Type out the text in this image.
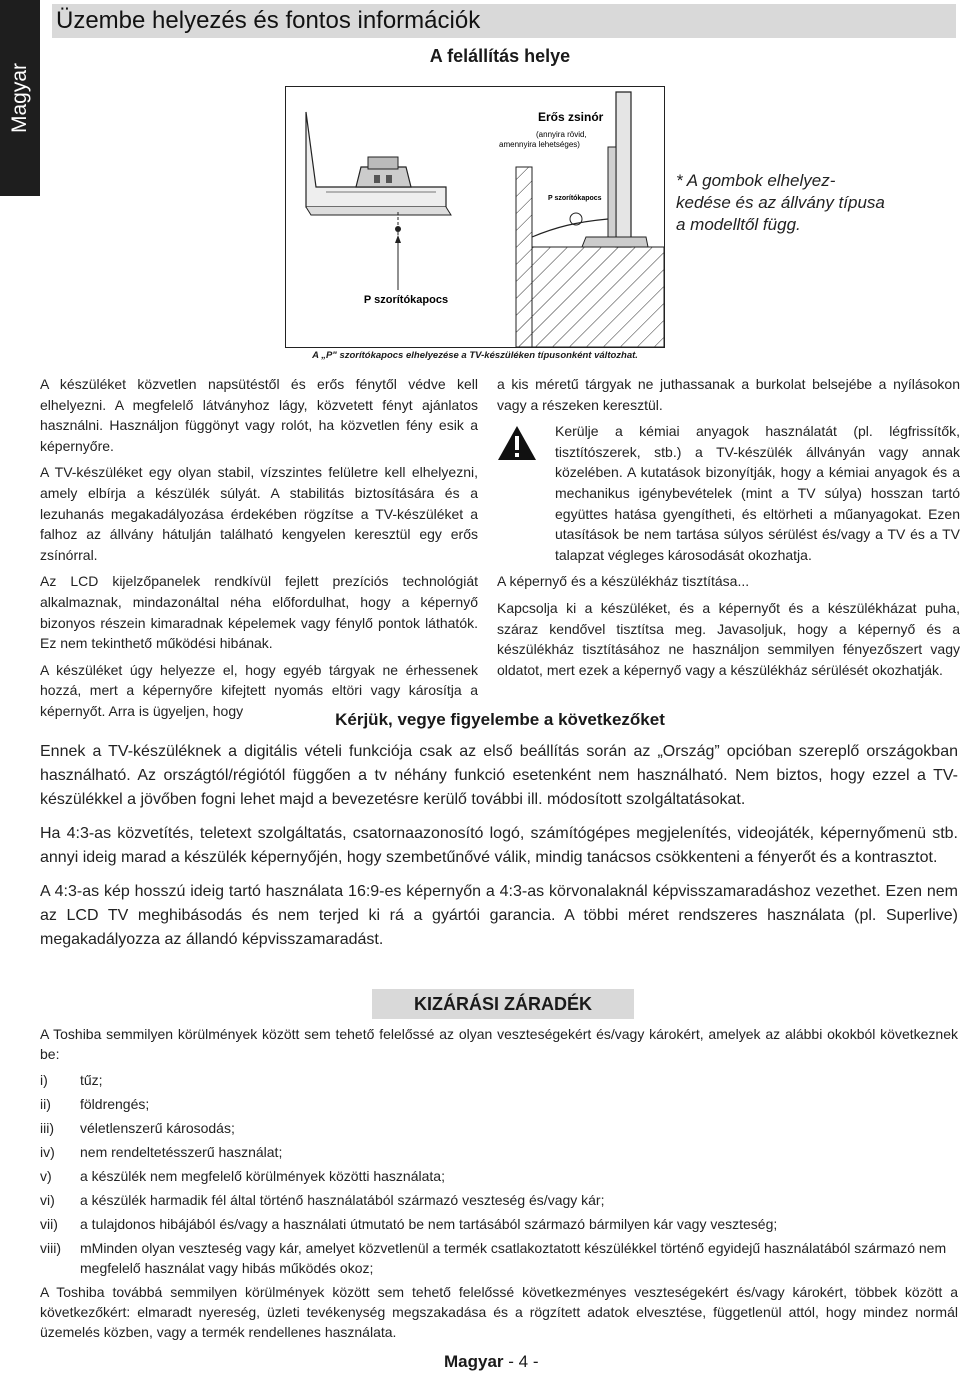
Magyar
Üzembe helyezés és fontos információk
A felállítás helye
P szorítókapocs
Erős zsinór
(annyira rövid,
amennyira lehetséges)
P szorítókapocs
A „P" szorítókapocs elhelyezése a TV-készüléken típusonként változhat.
* A gombok elhelyez-kedése és az állvány típusa a modelltől függ.

A készüléket közvetlen napsütéstől és erős fénytől védve kell elhelyezni. A megfelelő látványhoz lágy, közvetett fényt ajánlatos használni. Használjon függönyt vagy rolót, ha közvetlen fény esik a képernyőre.

A TV-készüléket egy olyan stabil, vízszintes felületre kell elhelyezni, amely elbírja a készülék súlyát. A stabilitás biztosítására és a lezuhanás megakadályozása érdekében rögzítse a TV-készüléket a falhoz az állvány hátulján található kengyelen keresztül egy erős zsínórral.

Az LCD kijelzőpanelek rendkívül fejlett prezíciós technológiát alkalmaznak, mindazonáltal néha előfordulhat, hogy a képernyő bizonyos részein kimaradnak képelemek vagy fénylő pontok láthatók. Ez nem tekinthető működési hibának.

A készüléket úgy helyezze el, hogy egyéb tárgyak ne érhessenek hozzá, mert a képernyőre kifejtett nyomás eltöri vagy károsítja a képernyőt. Arra is ügyeljen, hogy

a kis méretű tárgyak ne juthassanak a burkolat belsejébe a nyílásokon vagy a részeken keresztül.

Kerülje a kémiai anyagok használatát (pl. légfrissítők, tisztítószerek, stb.) a TV-készülék állványán vagy annak közelében. A kutatások bizonyítják, hogy a kémiai anyagok és a mechanikus igénybevételek (mint a TV súlya) hosszan tartó együttes hatása gyengítheti, és eltörheti a műanyagokat. Ezen utasítások be nem tartása súlyos sérülést és/vagy a TV és a TV talapzat végleges károsodását okozhatja.

A képernyő és a készülékház tisztítása...

Kapcsolja ki a készüléket, és a képernyőt és a készülékházat puha, száraz kendővel tisztítsa meg. Javasoljuk, hogy a képernyő és a készülékház tisztításához ne használjon semmilyen fényezőszert vagy oldatot, mert ezek a képernyő vagy a készülékház sérülését okozhatják.

Kérjük, vegye figyelembe a következőket

Ennek a TV-készüléknek a digitális vételi funkciója csak az első beállítás során az „Ország” opcióban szereplő országokban használható. Az országtól/régiótól függően a tv néhány funkció esetenként nem használható. Nem biztos, hogy ezzel a TV-készülékkel a jövőben fogni lehet majd a bevezetésre kerülő további ill. módosított szolgáltatásokat.

Ha 4:3-as közvetítés, teletext szolgáltatás, csatornaazonosító logó, számítógépes megjelenítés, videojáték, képernyőmenü stb. annyi ideig marad a készülék képernyőjén, hogy szembetűnővé válik, mindig tanácsos csökkenteni a fényerőt és a kontrasztot.

A 4:3-as kép hosszú ideig tartó használata 16:9-es képernyőn a 4:3-as körvonalaknál képvisszamaradáshoz vezethet. Ezen nem az LCD TV meghibásodás és nem terjed ki rá a gyártói garancia. A többi méret rendszeres használata (pl. Superlive) megakadályozza az állandó képvisszamaradást.

KIZÁRÁSI ZÁRADÉK

A Toshiba semmilyen körülmények között sem tehető felelőssé az olyan veszteségekért és/vagy károkért, amelyek az alábbi okokból következnek be:

i)	tűz;
ii)	földrengés;
iii)	véletlenszerű károsodás;
iv)	nem rendeltetésszerű használat;
v)	a készülék nem megfelelő körülmények közötti használata;
vi)	a készülék harmadik fél által történő használatából származó veszteség és/vagy kár;
vii)	a tulajdonos hibájából és/vagy a használati útmutató be nem tartásából származó bármilyen kár vagy veszteség;
viii)	mMinden olyan veszteség vagy kár, amelyet közvetlenül a termék csatlakoztatott készülékkel történő egyidejű használatából származó nem megfelelő használat vagy hibás működés okoz;

A Toshiba továbbá semmilyen körülmények között sem tehető felelőssé következményes veszteségekért és/vagy károkért, többek között a következőkért: elmaradt nyereség, üzleti tevékenység megszakadása és a rögzített adatok elvesztése, függetlenül attól, hogy mindez normál üzemelés közben, vagy a termék rendellenes használata.

Magyar - 4 -
